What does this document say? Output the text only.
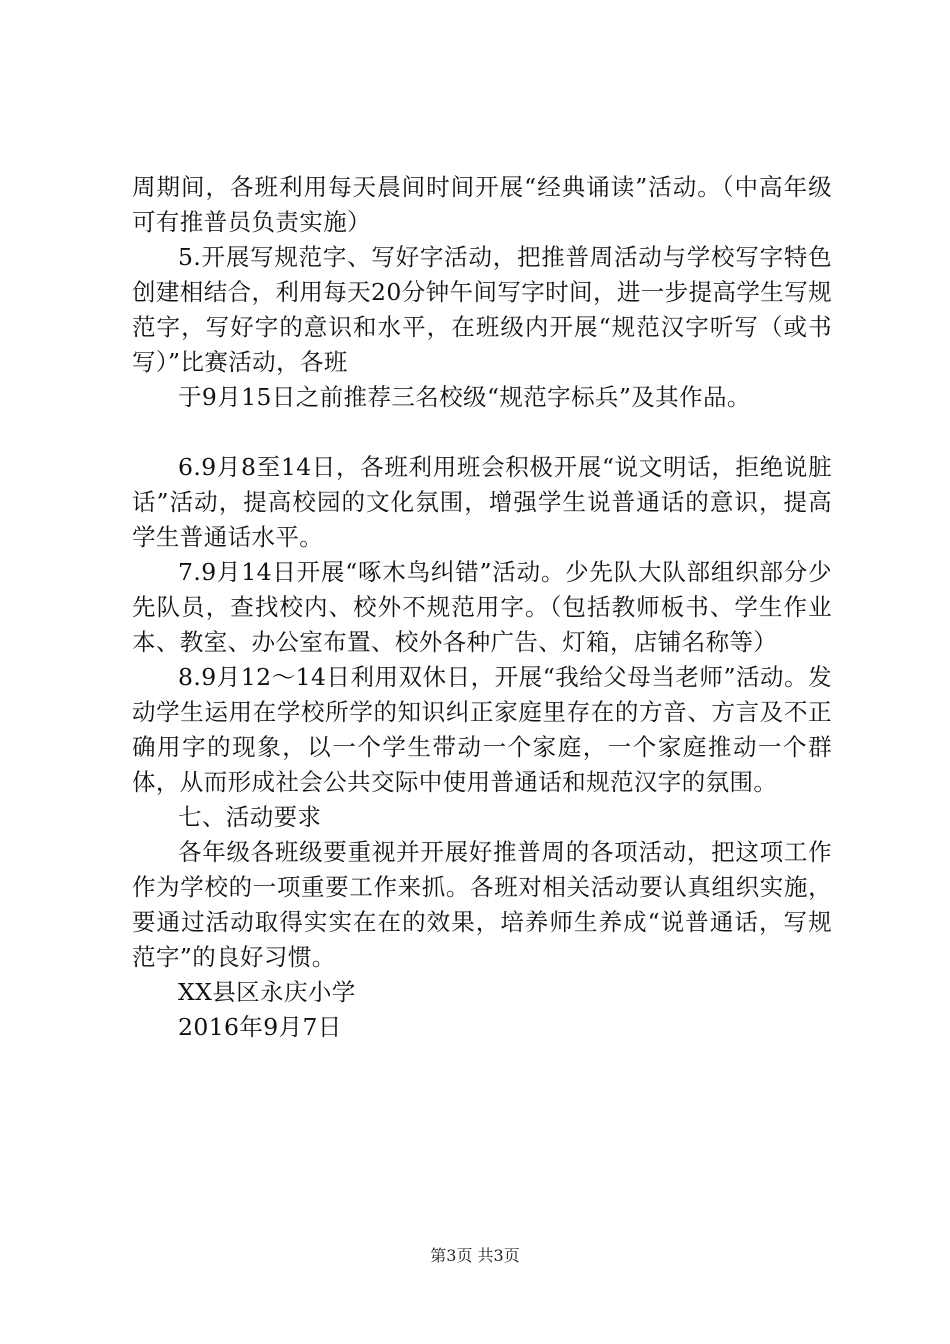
周期间，各班利用每天晨间时间开展“经典诵读”活动。（中高年级可有推普员负责实施）

5.开展写规范字、写好字活动，把推普周活动与学校写字特色创建相结合，利用每天20分钟午间写字时间，进一步提高学生写规范字，写好字的意识和水平，在班级内开展“规范汉字听写（或书写）”比赛活动，各班

于9月15日之前推荐三名校级“规范字标兵”及其作品。

6.9月8至14日，各班利用班会积极开展“说文明话，拒绝说脏话”活动，提高校园的文化氛围，增强学生说普通话的意识，提高学生普通话水平。

7.9月14日开展“啄木鸟纠错”活动。少先队大队部组织部分少先队员，查找校内、校外不规范用字。（包括教师板书、学生作业本、教室、办公室布置、校外各种广告、灯箱，店铺名称等）

8.9月12～14日利用双休日，开展“我给父母当老师”活动。发动学生运用在学校所学的知识纠正家庭里存在的方音、方言及不正确用字的现象，以一个学生带动一个家庭，一个家庭推动一个群体，从而形成社会公共交际中使用普通话和规范汉字的氛围。

七、活动要求

各年级各班级要重视并开展好推普周的各项活动，把这项工作作为学校的一项重要工作来抓。各班对相关活动要认真组织实施，要通过活动取得实实在在的效果，培养师生养成“说普通话，写规范字”的良好习惯。

XX县区永庆小学

2016年9月7日

第3页 共3页
